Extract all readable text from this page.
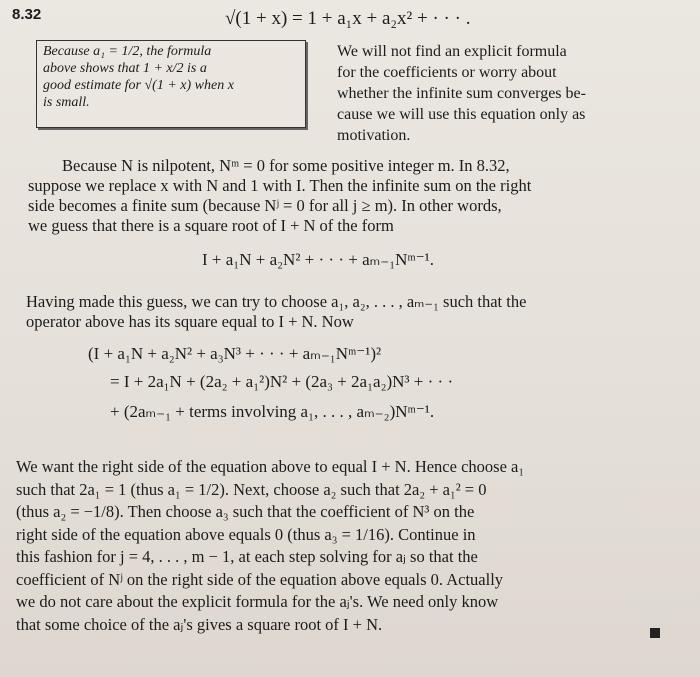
8.32	√(1 + x) = 1 + a₁x + a₂x² + · · · .
Because a₁ = 1/2, the formula
above shows that 1 + x/2 is a
good estimate for √(1 + x) when x
is small.
We will not find an explicit formula
for the coefficients or worry about
whether the infinite sum converges be-
cause we will use this equation only as
motivation.
Because N is nilpotent, Nᵐ = 0 for some positive integer m. In 8.32,
suppose we replace x with N and 1 with I. Then the infinite sum on the right
side becomes a finite sum (because Nʲ = 0 for all j ≥ m). In other words,
we guess that there is a square root of I + N of the form
I + a₁N + a₂N² + · · · + aₘ₋₁Nᵐ⁻¹.
Having made this guess, we can try to choose a₁, a₂, . . . , aₘ₋₁ such that the
operator above has its square equal to I + N. Now
(I + a₁N + a₂N² + a₃N³ + · · · + aₘ₋₁Nᵐ⁻¹)²
= I + 2a₁N + (2a₂ + a₁²)N² + (2a₃ + 2a₁a₂)N³ + · · ·
+ (2aₘ₋₁ + terms involving a₁, . . . , aₘ₋₂)Nᵐ⁻¹.
We want the right side of the equation above to equal I + N. Hence choose a₁
such that 2a₁ = 1 (thus a₁ = 1/2). Next, choose a₂ such that 2a₂ + a₁² = 0
(thus a₂ = −1/8). Then choose a₃ such that the coefficient of N³ on the
right side of the equation above equals 0 (thus a₃ = 1/16). Continue in
this fashion for j = 4, . . . , m − 1, at each step solving for aⱼ so that the
coefficient of Nʲ on the right side of the equation above equals 0. Actually
we do not care about the explicit formula for the aⱼ's. We need only know
that some choice of the aⱼ's gives a square root of I + N.
